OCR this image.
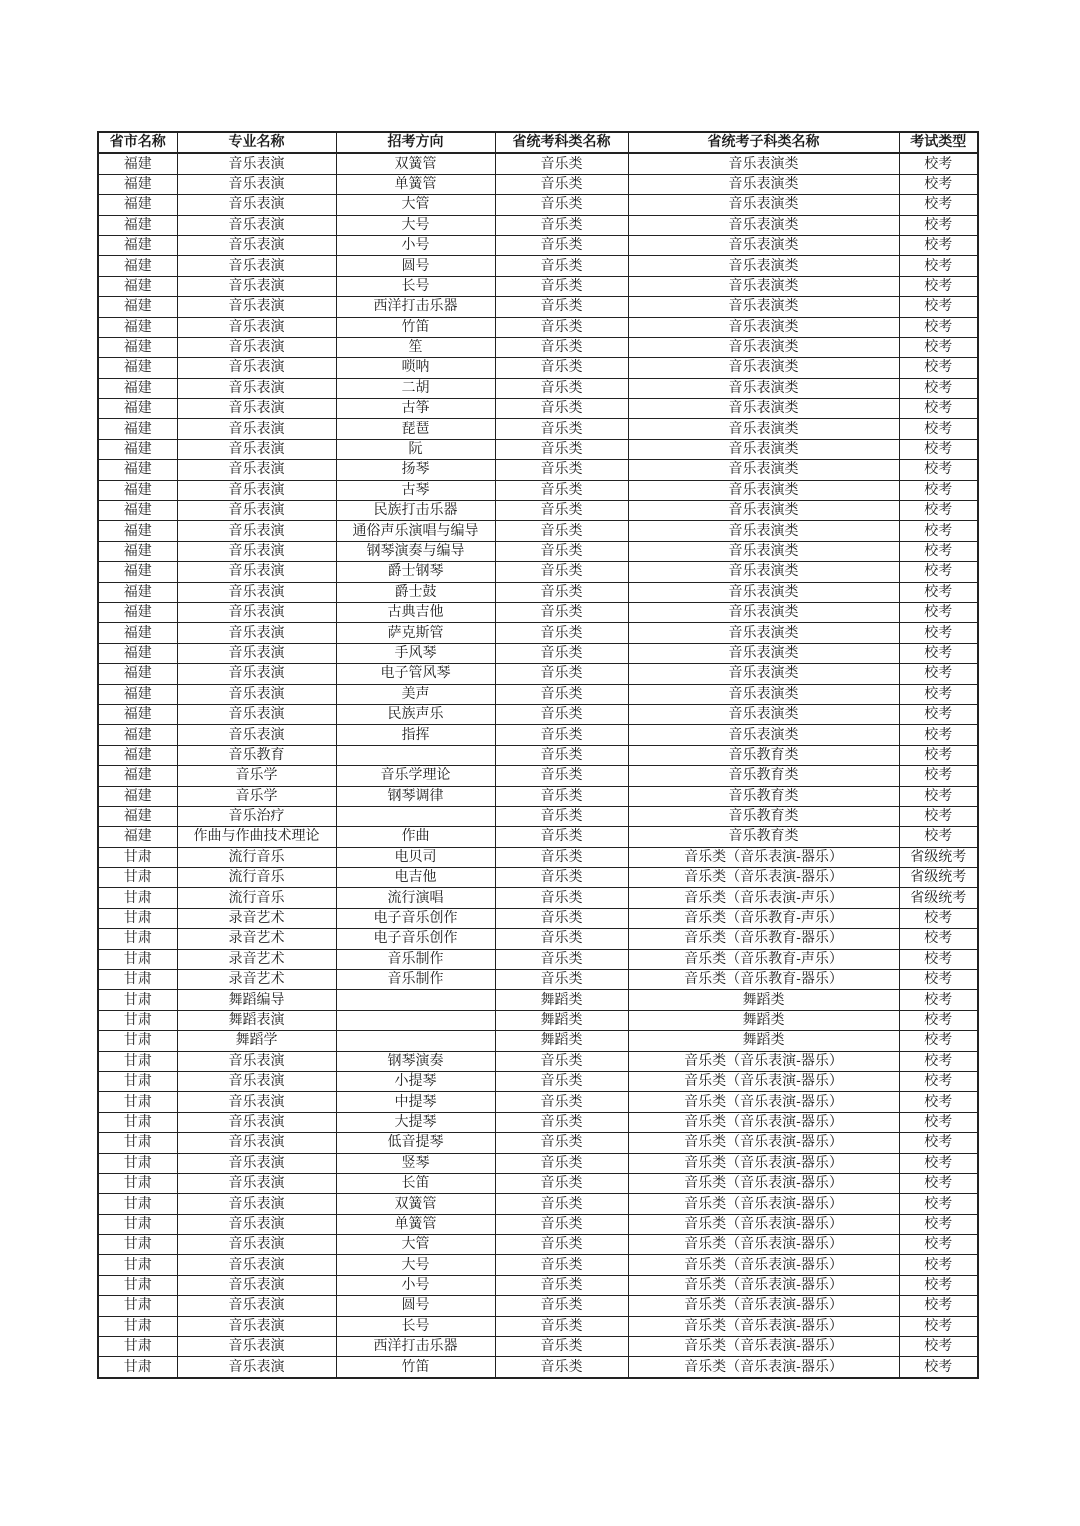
省市名称	专业名称	招考方向	省统考科类名称	省统考子科类名称	考试类型
福建	音乐表演	双簧管	音乐类	音乐表演类	校考
福建	音乐表演	单簧管	音乐类	音乐表演类	校考
福建	音乐表演	大管	音乐类	音乐表演类	校考
福建	音乐表演	大号	音乐类	音乐表演类	校考
福建	音乐表演	小号	音乐类	音乐表演类	校考
福建	音乐表演	圆号	音乐类	音乐表演类	校考
福建	音乐表演	长号	音乐类	音乐表演类	校考
福建	音乐表演	西洋打击乐器	音乐类	音乐表演类	校考
福建	音乐表演	竹笛	音乐类	音乐表演类	校考
福建	音乐表演	笙	音乐类	音乐表演类	校考
福建	音乐表演	唢呐	音乐类	音乐表演类	校考
福建	音乐表演	二胡	音乐类	音乐表演类	校考
福建	音乐表演	古筝	音乐类	音乐表演类	校考
福建	音乐表演	琵琶	音乐类	音乐表演类	校考
福建	音乐表演	阮	音乐类	音乐表演类	校考
福建	音乐表演	扬琴	音乐类	音乐表演类	校考
福建	音乐表演	古琴	音乐类	音乐表演类	校考
福建	音乐表演	民族打击乐器	音乐类	音乐表演类	校考
福建	音乐表演	通俗声乐演唱与编导	音乐类	音乐表演类	校考
福建	音乐表演	钢琴演奏与编导	音乐类	音乐表演类	校考
福建	音乐表演	爵士钢琴	音乐类	音乐表演类	校考
福建	音乐表演	爵士鼓	音乐类	音乐表演类	校考
福建	音乐表演	古典吉他	音乐类	音乐表演类	校考
福建	音乐表演	萨克斯管	音乐类	音乐表演类	校考
福建	音乐表演	手风琴	音乐类	音乐表演类	校考
福建	音乐表演	电子管风琴	音乐类	音乐表演类	校考
福建	音乐表演	美声	音乐类	音乐表演类	校考
福建	音乐表演	民族声乐	音乐类	音乐表演类	校考
福建	音乐表演	指挥	音乐类	音乐表演类	校考
福建	音乐教育		音乐类	音乐教育类	校考
福建	音乐学	音乐学理论	音乐类	音乐教育类	校考
福建	音乐学	钢琴调律	音乐类	音乐教育类	校考
福建	音乐治疗		音乐类	音乐教育类	校考
福建	作曲与作曲技术理论	作曲	音乐类	音乐教育类	校考
甘肃	流行音乐	电贝司	音乐类	音乐类（音乐表演-器乐）	省级统考
甘肃	流行音乐	电吉他	音乐类	音乐类（音乐表演-器乐）	省级统考
甘肃	流行音乐	流行演唱	音乐类	音乐类（音乐表演-声乐）	省级统考
甘肃	录音艺术	电子音乐创作	音乐类	音乐类（音乐教育-声乐）	校考
甘肃	录音艺术	电子音乐创作	音乐类	音乐类（音乐教育-器乐）	校考
甘肃	录音艺术	音乐制作	音乐类	音乐类（音乐教育-声乐）	校考
甘肃	录音艺术	音乐制作	音乐类	音乐类（音乐教育-器乐）	校考
甘肃	舞蹈编导		舞蹈类	舞蹈类	校考
甘肃	舞蹈表演		舞蹈类	舞蹈类	校考
甘肃	舞蹈学		舞蹈类	舞蹈类	校考
甘肃	音乐表演	钢琴演奏	音乐类	音乐类（音乐表演-器乐）	校考
甘肃	音乐表演	小提琴	音乐类	音乐类（音乐表演-器乐）	校考
甘肃	音乐表演	中提琴	音乐类	音乐类（音乐表演-器乐）	校考
甘肃	音乐表演	大提琴	音乐类	音乐类（音乐表演-器乐）	校考
甘肃	音乐表演	低音提琴	音乐类	音乐类（音乐表演-器乐）	校考
甘肃	音乐表演	竖琴	音乐类	音乐类（音乐表演-器乐）	校考
甘肃	音乐表演	长笛	音乐类	音乐类（音乐表演-器乐）	校考
甘肃	音乐表演	双簧管	音乐类	音乐类（音乐表演-器乐）	校考
甘肃	音乐表演	单簧管	音乐类	音乐类（音乐表演-器乐）	校考
甘肃	音乐表演	大管	音乐类	音乐类（音乐表演-器乐）	校考
甘肃	音乐表演	大号	音乐类	音乐类（音乐表演-器乐）	校考
甘肃	音乐表演	小号	音乐类	音乐类（音乐表演-器乐）	校考
甘肃	音乐表演	圆号	音乐类	音乐类（音乐表演-器乐）	校考
甘肃	音乐表演	长号	音乐类	音乐类（音乐表演-器乐）	校考
甘肃	音乐表演	西洋打击乐器	音乐类	音乐类（音乐表演-器乐）	校考
甘肃	音乐表演	竹笛	音乐类	音乐类（音乐表演-器乐）	校考
